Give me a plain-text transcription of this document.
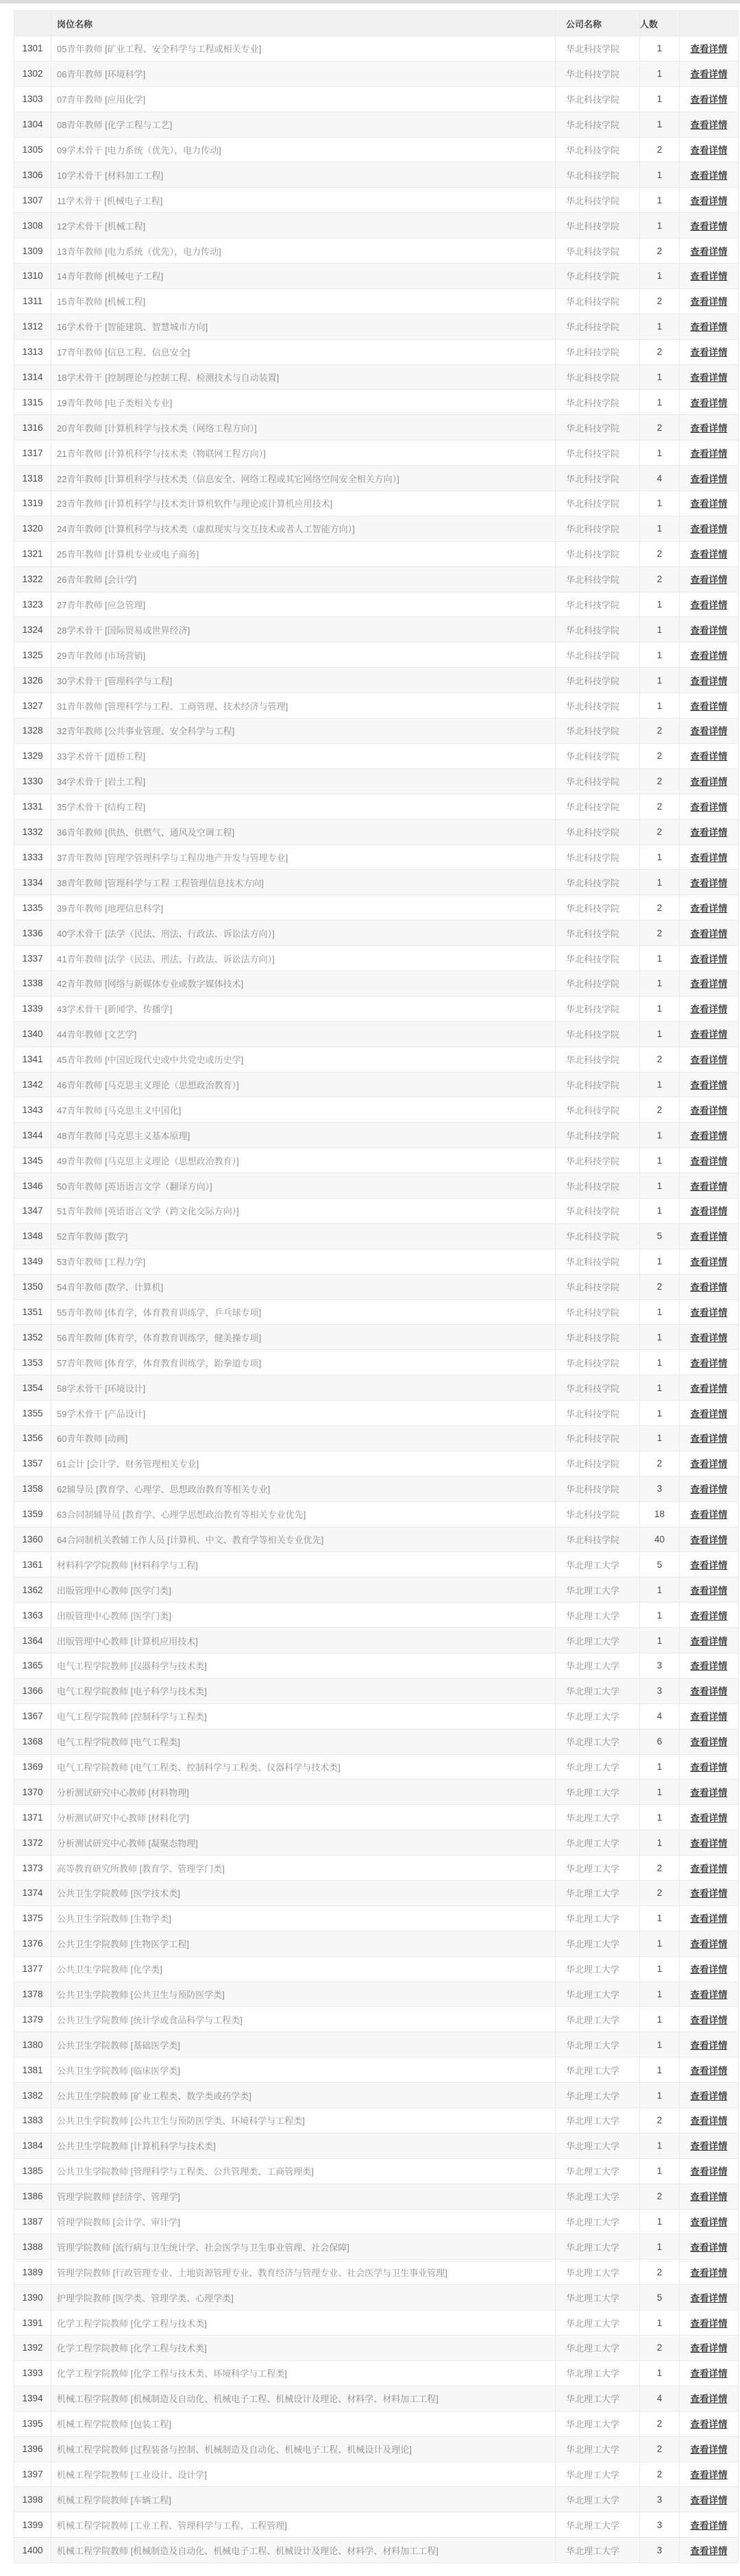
	岗位名称	公司名称	人数	
1301	05青年教师 [矿业工程、安全科学与工程或相关专业]	华北科技学院	1	查看详情
1302	06青年教师 [环境科学]	华北科技学院	1	查看详情
1303	07青年教师 [应用化学]	华北科技学院	1	查看详情
1304	08青年教师 [化学工程与工艺]	华北科技学院	1	查看详情
1305	09学术骨干 [电力系统（优先），电力传动]	华北科技学院	2	查看详情
1306	10学术骨干 [材料加工工程]	华北科技学院	1	查看详情
1307	11学术骨干 [机械电子工程]	华北科技学院	1	查看详情
1308	12学术骨干 [机械工程]	华北科技学院	1	查看详情
1309	13青年教师 [电力系统（优先），电力传动]	华北科技学院	2	查看详情
1310	14青年教师 [机械电子工程]	华北科技学院	1	查看详情
1311	15青年教师 [机械工程]	华北科技学院	2	查看详情
1312	16学术骨干 [智能建筑、智慧城市方向]	华北科技学院	1	查看详情
1313	17青年教师 [信息工程、信息安全]	华北科技学院	2	查看详情
1314	18学术骨干 [控制理论与控制工程、检测技术与自动装置]	华北科技学院	1	查看详情
1315	19青年教师 [电子类相关专业]	华北科技学院	1	查看详情
1316	20青年教师 [计算机科学与技术类（网络工程方向）]	华北科技学院	2	查看详情
1317	21青年教师 [计算机科学与技术类（物联网工程方向）]	华北科技学院	1	查看详情
1318	22青年教师 [计算机科学与技术类（信息安全、网络工程或其它网络空间安全相关方向）]	华北科技学院	4	查看详情
1319	23青年教师 [计算机科学与技术类计算机软件与理论或计算机应用技术]	华北科技学院	1	查看详情
1320	24青年教师 [计算机科学与技术类（虚拟现实与交互技术或者人工智能方向）]	华北科技学院	1	查看详情
1321	25青年教师 [计算机专业或电子商务]	华北科技学院	2	查看详情
1322	26青年教师 [会计学]	华北科技学院	2	查看详情
1323	27青年教师 [应急管理]	华北科技学院	1	查看详情
1324	28学术骨干 [国际贸易或世界经济]	华北科技学院	1	查看详情
1325	29青年教师 [市场营销]	华北科技学院	1	查看详情
1326	30学术骨干 [管理科学与工程]	华北科技学院	1	查看详情
1327	31青年教师 [管理科学与工程、工商管理、技术经济与管理]	华北科技学院	1	查看详情
1328	32青年教师 [公共事业管理、安全科学与工程]	华北科技学院	2	查看详情
1329	33学术骨干 [道桥工程]	华北科技学院	2	查看详情
1330	34学术骨干 [岩土工程]	华北科技学院	2	查看详情
1331	35学术骨干 [结构工程]	华北科技学院	2	查看详情
1332	36青年教师 [供热、供燃气、通风及空调工程]	华北科技学院	2	查看详情
1333	37青年教师 [管理学管理科学与工程房地产开发与管理专业]	华北科技学院	1	查看详情
1334	38青年教师 [管理科学与工程 工程管理信息技术方向]	华北科技学院	1	查看详情
1335	39青年教师 [地理信息科学]	华北科技学院	2	查看详情
1336	40学术骨干 [法学（民法、刑法、行政法、诉讼法方向）]	华北科技学院	2	查看详情
1337	41青年教师 [法学（民法、刑法、行政法、诉讼法方向）]	华北科技学院	1	查看详情
1338	42青年教师 [网络与新媒体专业或数字媒体技术]	华北科技学院	1	查看详情
1339	43学术骨干 [新闻学、传播学]	华北科技学院	1	查看详情
1340	44青年教师 [文艺学]	华北科技学院	1	查看详情
1341	45青年教师 [中国近现代史或中共党史或历史学]	华北科技学院	2	查看详情
1342	46青年教师 [马克思主义理论（思想政治教育）]	华北科技学院	1	查看详情
1343	47青年教师 [马克思主义中国化]	华北科技学院	2	查看详情
1344	48青年教师 [马克思主义基本原理]	华北科技学院	1	查看详情
1345	49青年教师 [马克思主义理论（思想政治教育）]	华北科技学院	1	查看详情
1346	50青年教师 [英语语言文学（翻译方向）]	华北科技学院	1	查看详情
1347	51青年教师 [英语语言文学（跨文化交际方向）]	华北科技学院	1	查看详情
1348	52青年教师 [数学]	华北科技学院	5	查看详情
1349	53青年教师 [工程力学]	华北科技学院	1	查看详情
1350	54青年教师 [数学、计算机]	华北科技学院	2	查看详情
1351	55青年教师 [体育学，体育教育训练学，乒乓球专项]	华北科技学院	1	查看详情
1352	56青年教师 [体育学，体育教育训练学，健美操专项]	华北科技学院	1	查看详情
1353	57青年教师 [体育学，体育教育训练学，跆拳道专项]	华北科技学院	1	查看详情
1354	58学术骨干 [环境设计]	华北科技学院	1	查看详情
1355	59学术骨干 [产品设计]	华北科技学院	1	查看详情
1356	60青年教师 [动画]	华北科技学院	1	查看详情
1357	61会计 [会计学、财务管理相关专业]	华北科技学院	2	查看详情
1358	62辅导员 [教育学、心理学、思想政治教育等相关专业]	华北科技学院	3	查看详情
1359	63合同制辅导员 [教育学、心理学思想政治教育等相关专业优先]	华北科技学院	18	查看详情
1360	64合同制机关教辅工作人员 [计算机、中文、教育学等相关专业优先]	华北科技学院	40	查看详情
1361	材料科学学院教师 [材料科学与工程]	华北理工大学	5	查看详情
1362	出版管理中心教师 [医学门类]	华北理工大学	1	查看详情
1363	出版管理中心教师 [医学门类]	华北理工大学	1	查看详情
1364	出版管理中心教师 [计算机应用技术]	华北理工大学	1	查看详情
1365	电气工程学院教师 [仪器科学与技术类]	华北理工大学	3	查看详情
1366	电气工程学院教师 [电子科学与技术类]	华北理工大学	3	查看详情
1367	电气工程学院教师 [控制科学与工程类]	华北理工大学	4	查看详情
1368	电气工程学院教师 [电气工程类]	华北理工大学	6	查看详情
1369	电气工程学院教师 [电气工程类、控制科学与工程类、仪器科学与技术类]	华北理工大学	1	查看详情
1370	分析测试研究中心教师 [材料物理]	华北理工大学	1	查看详情
1371	分析测试研究中心教师 [材料化学]	华北理工大学	1	查看详情
1372	分析测试研究中心教师 [凝聚态物理]	华北理工大学	1	查看详情
1373	高等教育研究所教师 [教育学、管理学门类]	华北理工大学	2	查看详情
1374	公共卫生学院教师 [医学技术类]	华北理工大学	2	查看详情
1375	公共卫生学院教师 [生物学类]	华北理工大学	1	查看详情
1376	公共卫生学院教师 [生物医学工程]	华北理工大学	1	查看详情
1377	公共卫生学院教师 [化学类]	华北理工大学	1	查看详情
1378	公共卫生学院教师 [公共卫生与预防医学类]	华北理工大学	1	查看详情
1379	公共卫生学院教师 [统计学或食品科学与工程类]	华北理工大学	1	查看详情
1380	公共卫生学院教师 [基础医学类]	华北理工大学	1	查看详情
1381	公共卫生学院教师 [临床医学类]	华北理工大学	1	查看详情
1382	公共卫生学院教师 [矿业工程类、数学类或药学类]	华北理工大学	1	查看详情
1383	公共卫生学院教师 [公共卫生与预防医学类、环境科学与工程类]	华北理工大学	2	查看详情
1384	公共卫生学院教师 [计算机科学与技术类]	华北理工大学	1	查看详情
1385	公共卫生学院教师 [管理科学与工程类、公共管理类、工商管理类]	华北理工大学	1	查看详情
1386	管理学院教师 [经济学、管理学]	华北理工大学	2	查看详情
1387	管理学院教师 [会计学、审计学]	华北理工大学	1	查看详情
1388	管理学院教师 [流行病与卫生统计学、社会医学与卫生事业管理、社会保障]	华北理工大学	1	查看详情
1389	管理学院教师 [行政管理专业、土地资源管理专业、教育经济与管理专业、社会医学与卫生事业管理]	华北理工大学	2	查看详情
1390	护理学院教师 [医学类、管理学类、心理学类]	华北理工大学	5	查看详情
1391	化学工程学院教师 [化学工程与技术类]	华北理工大学	1	查看详情
1392	化学工程学院教师 [化学工程与技术类]	华北理工大学	2	查看详情
1393	化学工程学院教师 [化学工程与技术类、环境科学与工程类]	华北理工大学	1	查看详情
1394	机械工程学院教师 [机械制造及自动化、机械电子工程、机械设计及理论、材料学、材料加工工程]	华北理工大学	4	查看详情
1395	机械工程学院教师 [包装工程]	华北理工大学	2	查看详情
1396	机械工程学院教师 [过程装备与控制、机械制造及自动化、机械电子工程、机械设计及理论]	华北理工大学	2	查看详情
1397	机械工程学院教师 [工业设计、设计学]	华北理工大学	2	查看详情
1398	机械工程学院教师 [车辆工程]	华北理工大学	3	查看详情
1399	机械工程学院教师 [工业工程、管理科学与工程、工程管理]	华北理工大学	3	查看详情
1400	机械工程学院教师 [机械制造及自动化、机械电子工程、机械设计及理论、材料学、材料加工工程]	华北理工大学	3	查看详情
